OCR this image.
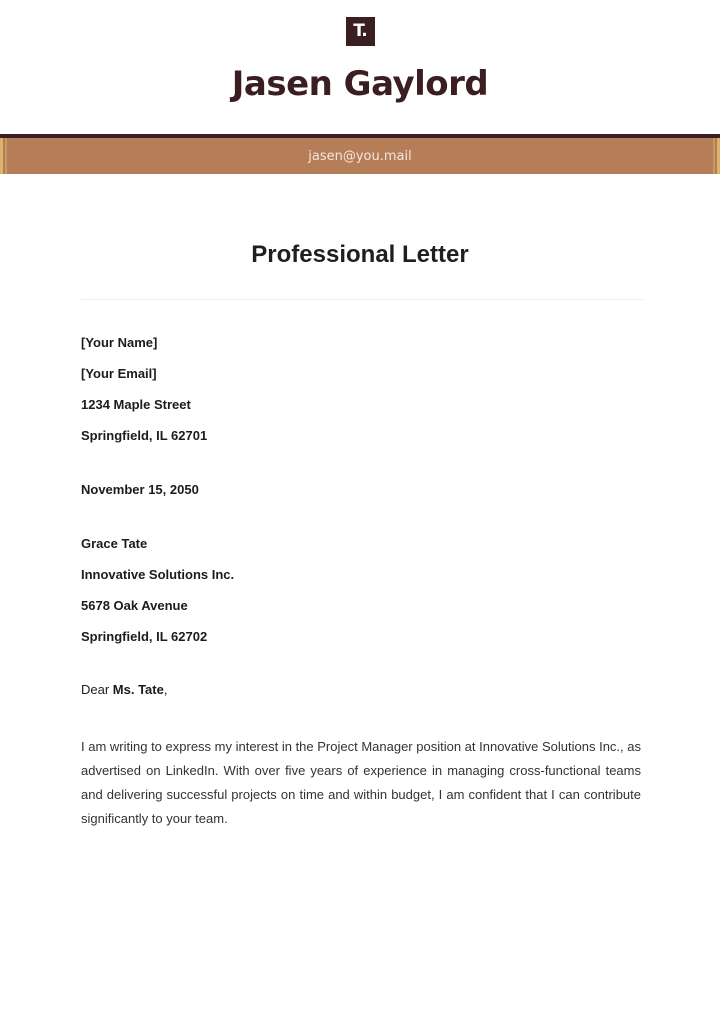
T.
Jasen Gaylord
jasen@you.mail
Professional Letter
[Your Name]
[Your Email]
1234 Maple Street
Springfield, IL 62701
November 15, 2050
Grace Tate
Innovative Solutions Inc.
5678 Oak Avenue
Springfield, IL 62702
Dear Ms. Tate,

I am writing to express my interest in the Project Manager position at Innovative Solutions Inc., as advertised on LinkedIn. With over five years of experience in managing cross-functional teams and delivering successful projects on time and within budget, I am confident that I can contribute significantly to your team.
